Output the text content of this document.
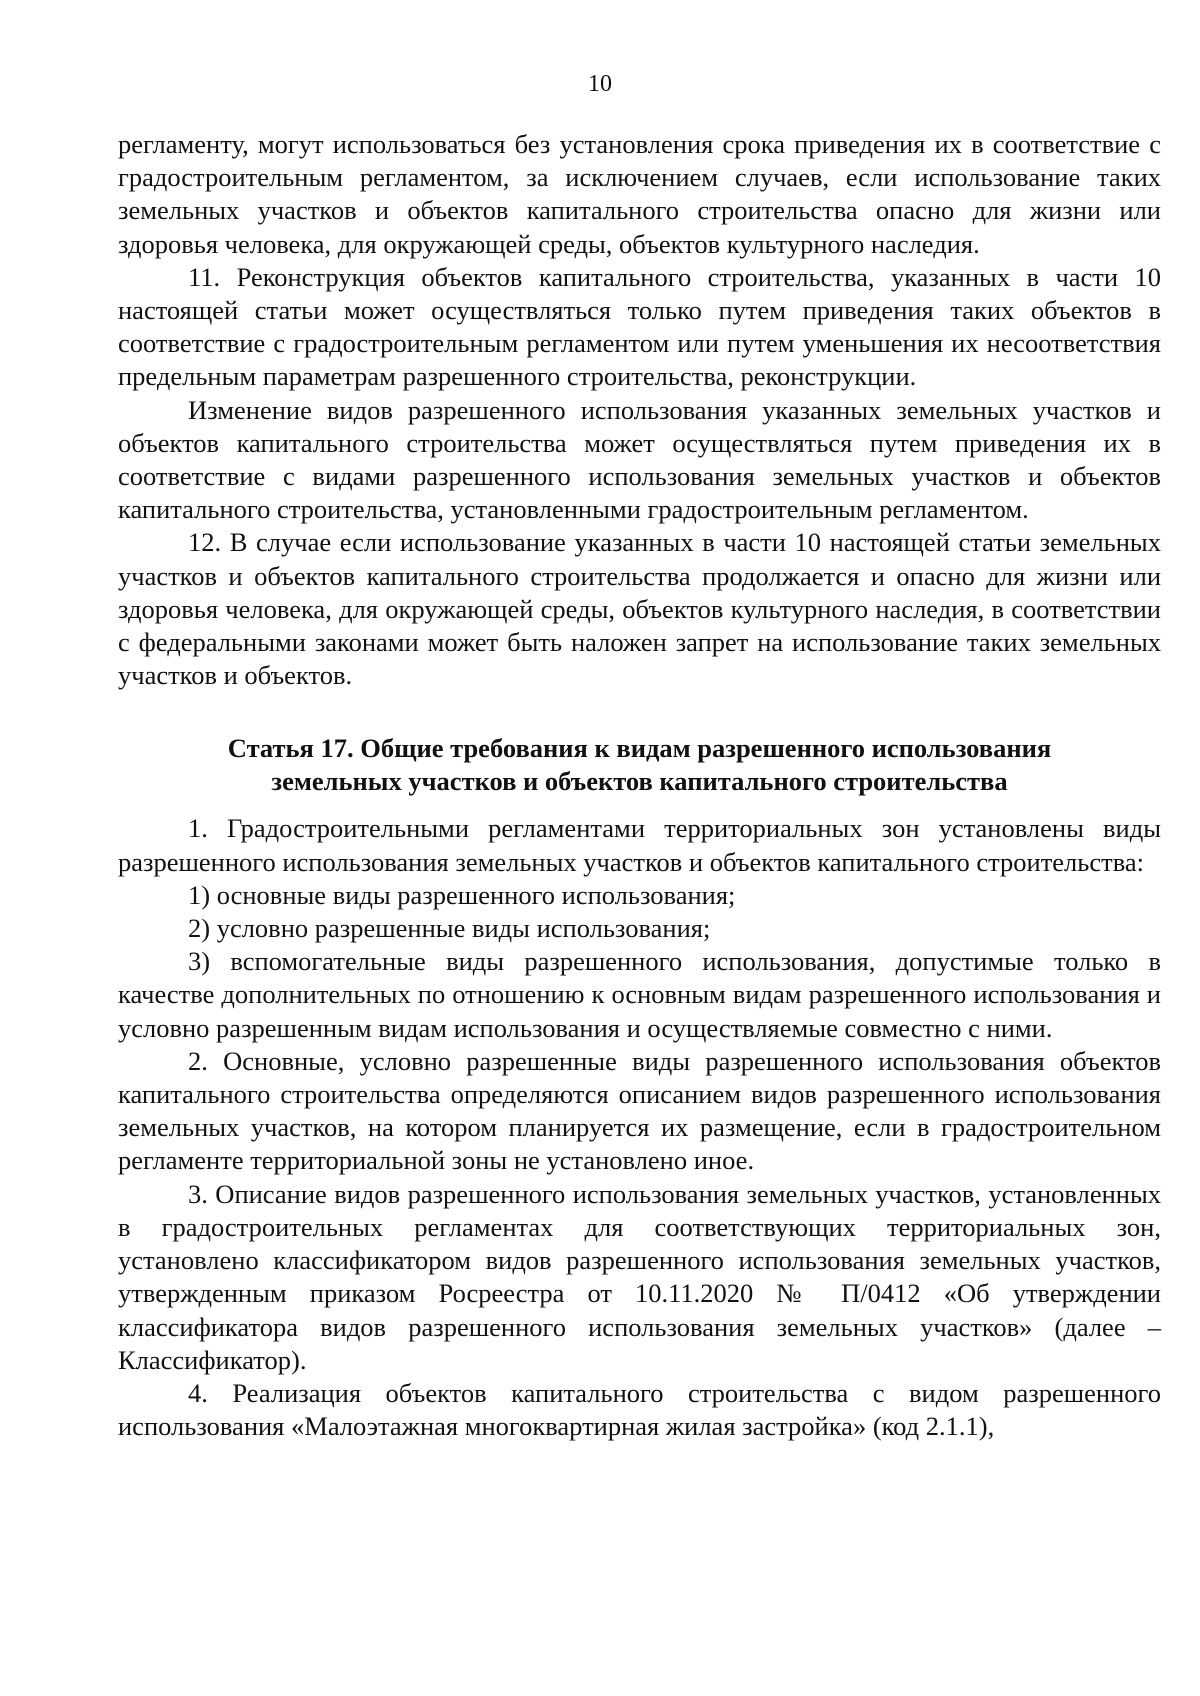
10

регламенту, могут использоваться без установления срока приведения их в соответствие с градостроительным регламентом, за исключением случаев, если использование таких земельных участков и объектов капитального строительства опасно для жизни или здоровья человека, для окружающей среды, объектов культурного наследия.

11. Реконструкция объектов капитального строительства, указанных в части 10 настоящей статьи может осуществляться только путем приведения таких объектов в соответствие с градостроительным регламентом или путем уменьшения их несоответствия предельным параметрам разрешенного строительства, реконструкции.

Изменение видов разрешенного использования указанных земельных участков и объектов капитального строительства может осуществляться путем приведения их в соответствие с видами разрешенного использования земельных участков и объектов капитального строительства, установленными градостроительным регламентом.

12. В случае если использование указанных в части 10 настоящей статьи земельных участков и объектов капитального строительства продолжается и опасно для жизни или здоровья человека, для окружающей среды, объектов культурного наследия, в соответствии с федеральными законами может быть наложен запрет на использование таких земельных участков и объектов.

Статья 17. Общие требования к видам разрешенного использования
земельных участков и объектов капитального строительства

1. Градостроительными регламентами территориальных зон установлены виды разрешенного использования земельных участков и объектов капитального строительства:

1) основные виды разрешенного использования;

2) условно разрешенные виды использования;

3) вспомогательные виды разрешенного использования, допустимые только в качестве дополнительных по отношению к основным видам разрешенного использования и условно разрешенным видам использования и осуществляемые совместно с ними.

2. Основные, условно разрешенные виды разрешенного использования объектов капитального строительства определяются описанием видов разрешенного использования земельных участков, на котором планируется их размещение, если в градостроительном регламенте территориальной зоны не установлено иное.

3. Описание видов разрешенного использования земельных участков, установленных в градостроительных регламентах для соответствующих территориальных зон, установлено классификатором видов разрешенного использования земельных участков, утвержденным приказом Росреестра от 10.11.2020 № П/0412 «Об утверждении классификатора видов разрешенного использования земельных участков» (далее – Классификатор).

4. Реализация объектов капитального строительства с видом разрешенного использования «Малоэтажная многоквартирная жилая застройка» (код 2.1.1),
